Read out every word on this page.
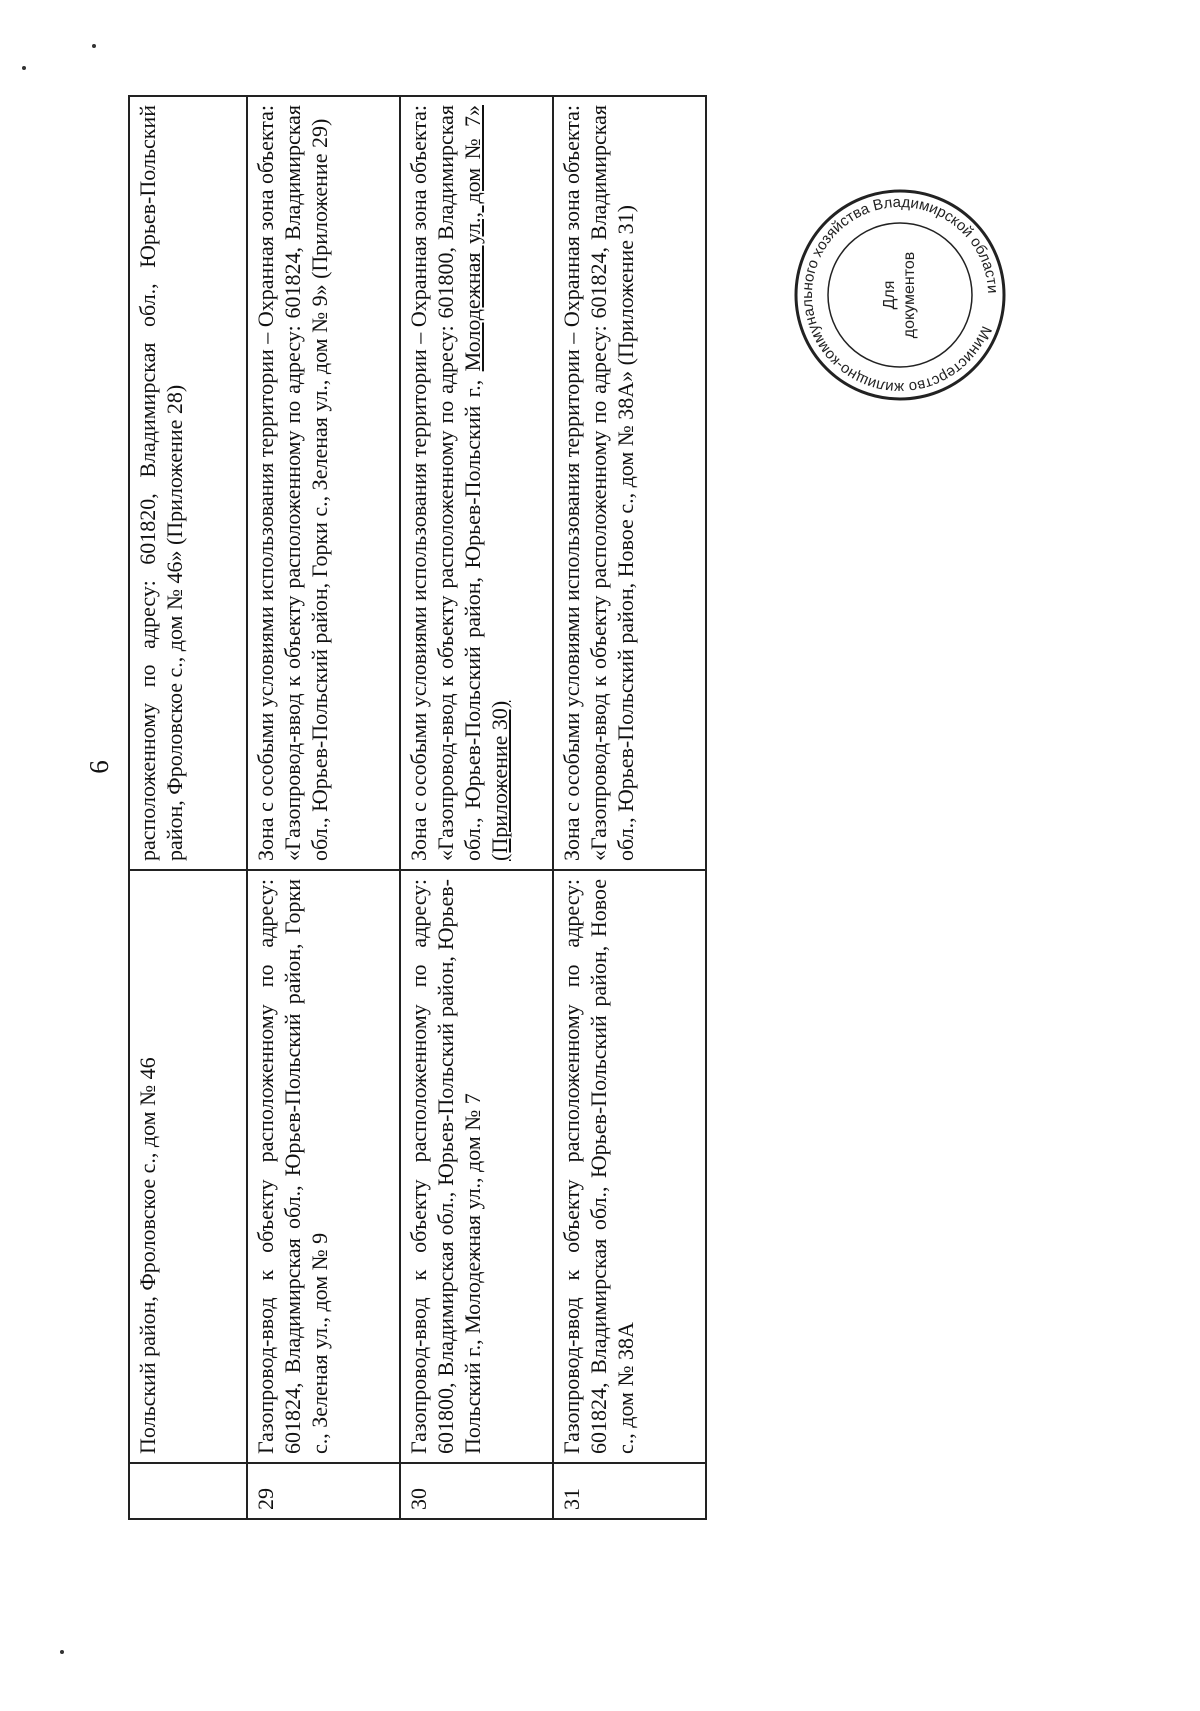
6
	Польский район, Фроловское с., дом № 46	расположенному по адресу: 601820, Владимирская обл., Юрьев-Польский район, Фроловское с., дом № 46» (Приложение 28)
29	Газопровод-ввод к объекту расположенному по адресу: 601824, Владимирская обл., Юрьев-Польский район, Горки с., Зеленая ул., дом № 9	Зона с особыми условиями использования территории – Охранная зона объекта: «Газопровод-ввод к объекту расположенному по адресу: 601824, Владимирская обл., Юрьев-Польский район, Горки с., Зеленая ул., дом № 9» (Приложение 29)
30	Газопровод-ввод к объекту расположенному по адресу: 601800, Владимирская обл., Юрьев-Польский район, Юрьев-Польский г., Молодежная ул., дом № 7	Зона с особыми условиями использования территории – Охранная зона объекта: «Газопровод-ввод к объекту расположенному по адресу: 601800, Владимирская обл., Юрьев-Польский район, Юрьев-Польский г., Молодежная ул., дом № 7» (Приложение 30)
31	Газопровод-ввод к объекту расположенному по адресу: 601824, Владимирская обл., Юрьев-Польский район, Новое с., дом № 38А	Зона с особыми условиями использования территории – Охранная зона объекта: «Газопровод-ввод к объекту расположенному по адресу: 601824, Владимирская обл., Юрьев-Польский район, Новое с., дом № 38А» (Приложение 31)	Министерство жилищно-коммунального хозяйства Владимирской области
Для документов
